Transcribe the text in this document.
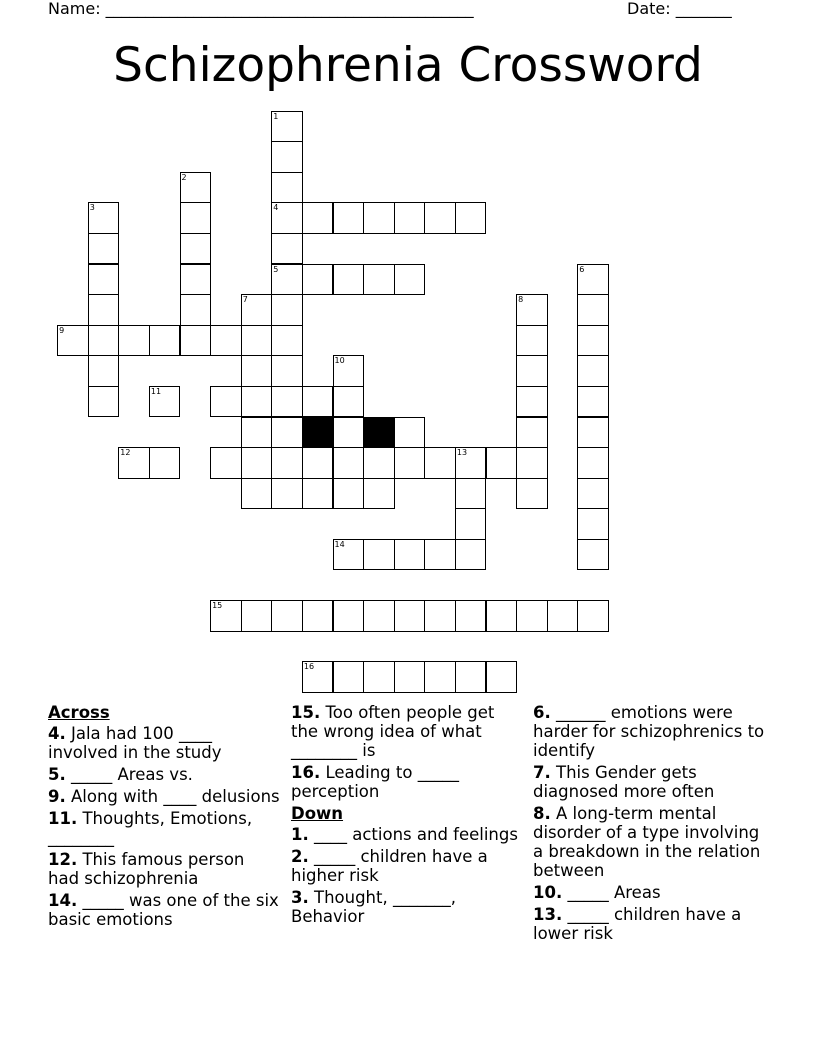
Name: ______________________________________________	Date: _______
Schizophrenia Crossword
1
4
5
2
3
9
7
11
10
12	13
14
8
6
15
16
Across
4. Jala had 100 ____ involved in the study
5. _____ Areas vs.
9. Along with ____ delusions
11. Thoughts, Emotions, ________
12. This famous person had schizophrenia
14. _____ was one of the six basic emotions
15. Too often people get the wrong idea of what ________ is
16. Leading to _____ perception
Down
1. ____ actions and feelings
2. _____ children have a higher risk
3. Thought, _______, Behavior
6. ______ emotions were harder for schizophrenics to identify
7. This Gender gets diagnosed more often
8. A long-term mental disorder of a type involving a breakdown in the relation between
10. _____ Areas
13. _____ children have a lower risk
